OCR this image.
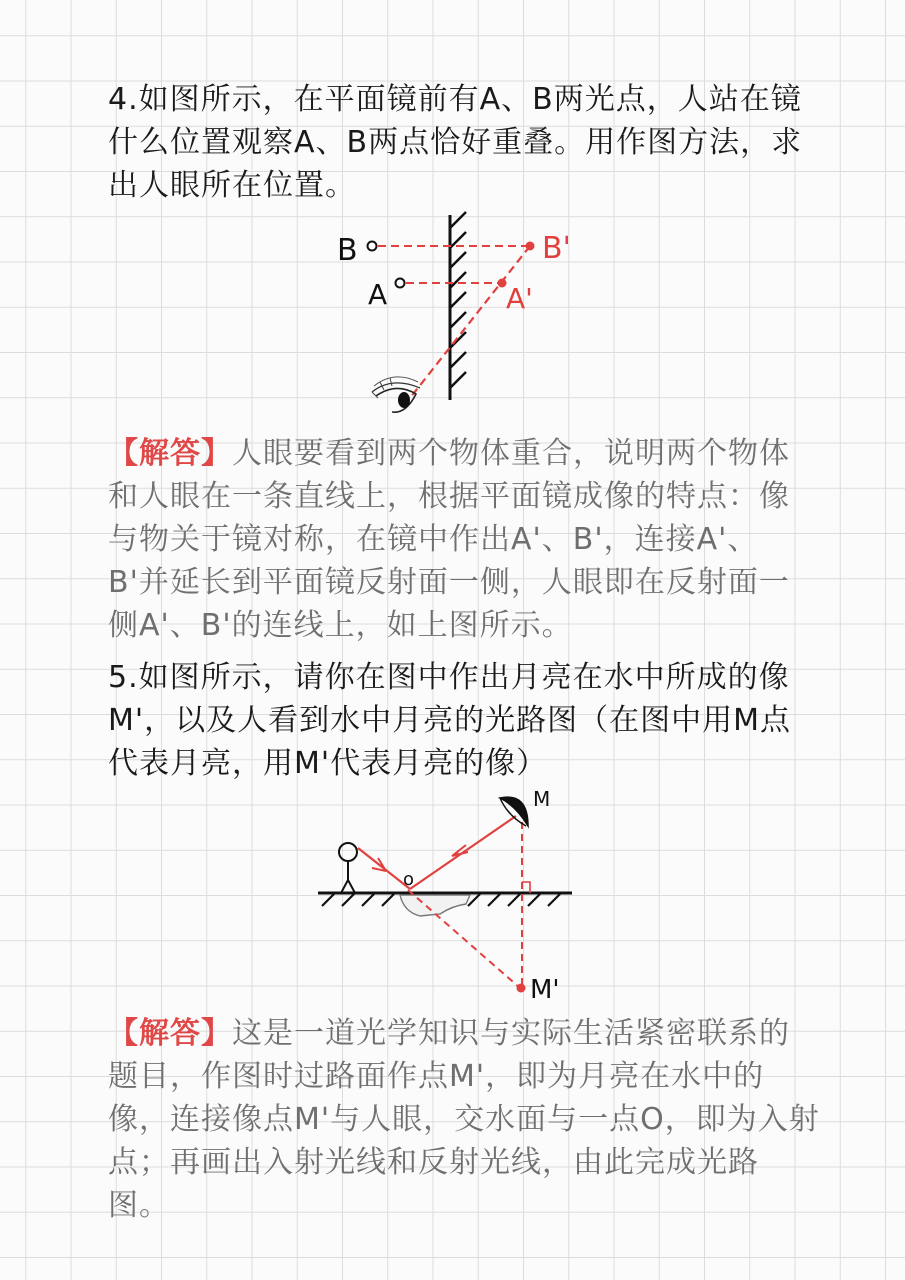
4.如图所示，在平面镜前有A、B两光点，人站在镜什么位置观察A、B两点恰好重叠。用作图方法，求出人眼所在位置。

B
A
B'
A'

【解答】人眼要看到两个物体重合，说明两个物体和人眼在一条直线上，根据平面镜成像的特点：像与物关于镜对称，在镜中作出A'、B'，连接A'、B'并延长到平面镜反射面一侧，人眼即在反射面一侧A'、B'的连线上，如上图所示。

5.如图所示，请你在图中作出月亮在水中所成的像M'，以及人看到水中月亮的光路图（在图中用M点代表月亮，用M'代表月亮的像）

M
M'
o

【解答】这是一道光学知识与实际生活紧密联系的题目，作图时过路面作点M'，即为月亮在水中的像，连接像点M'与人眼，交水面与一点O，即为入射点；再画出入射光线和反射光线，由此完成光路图。
